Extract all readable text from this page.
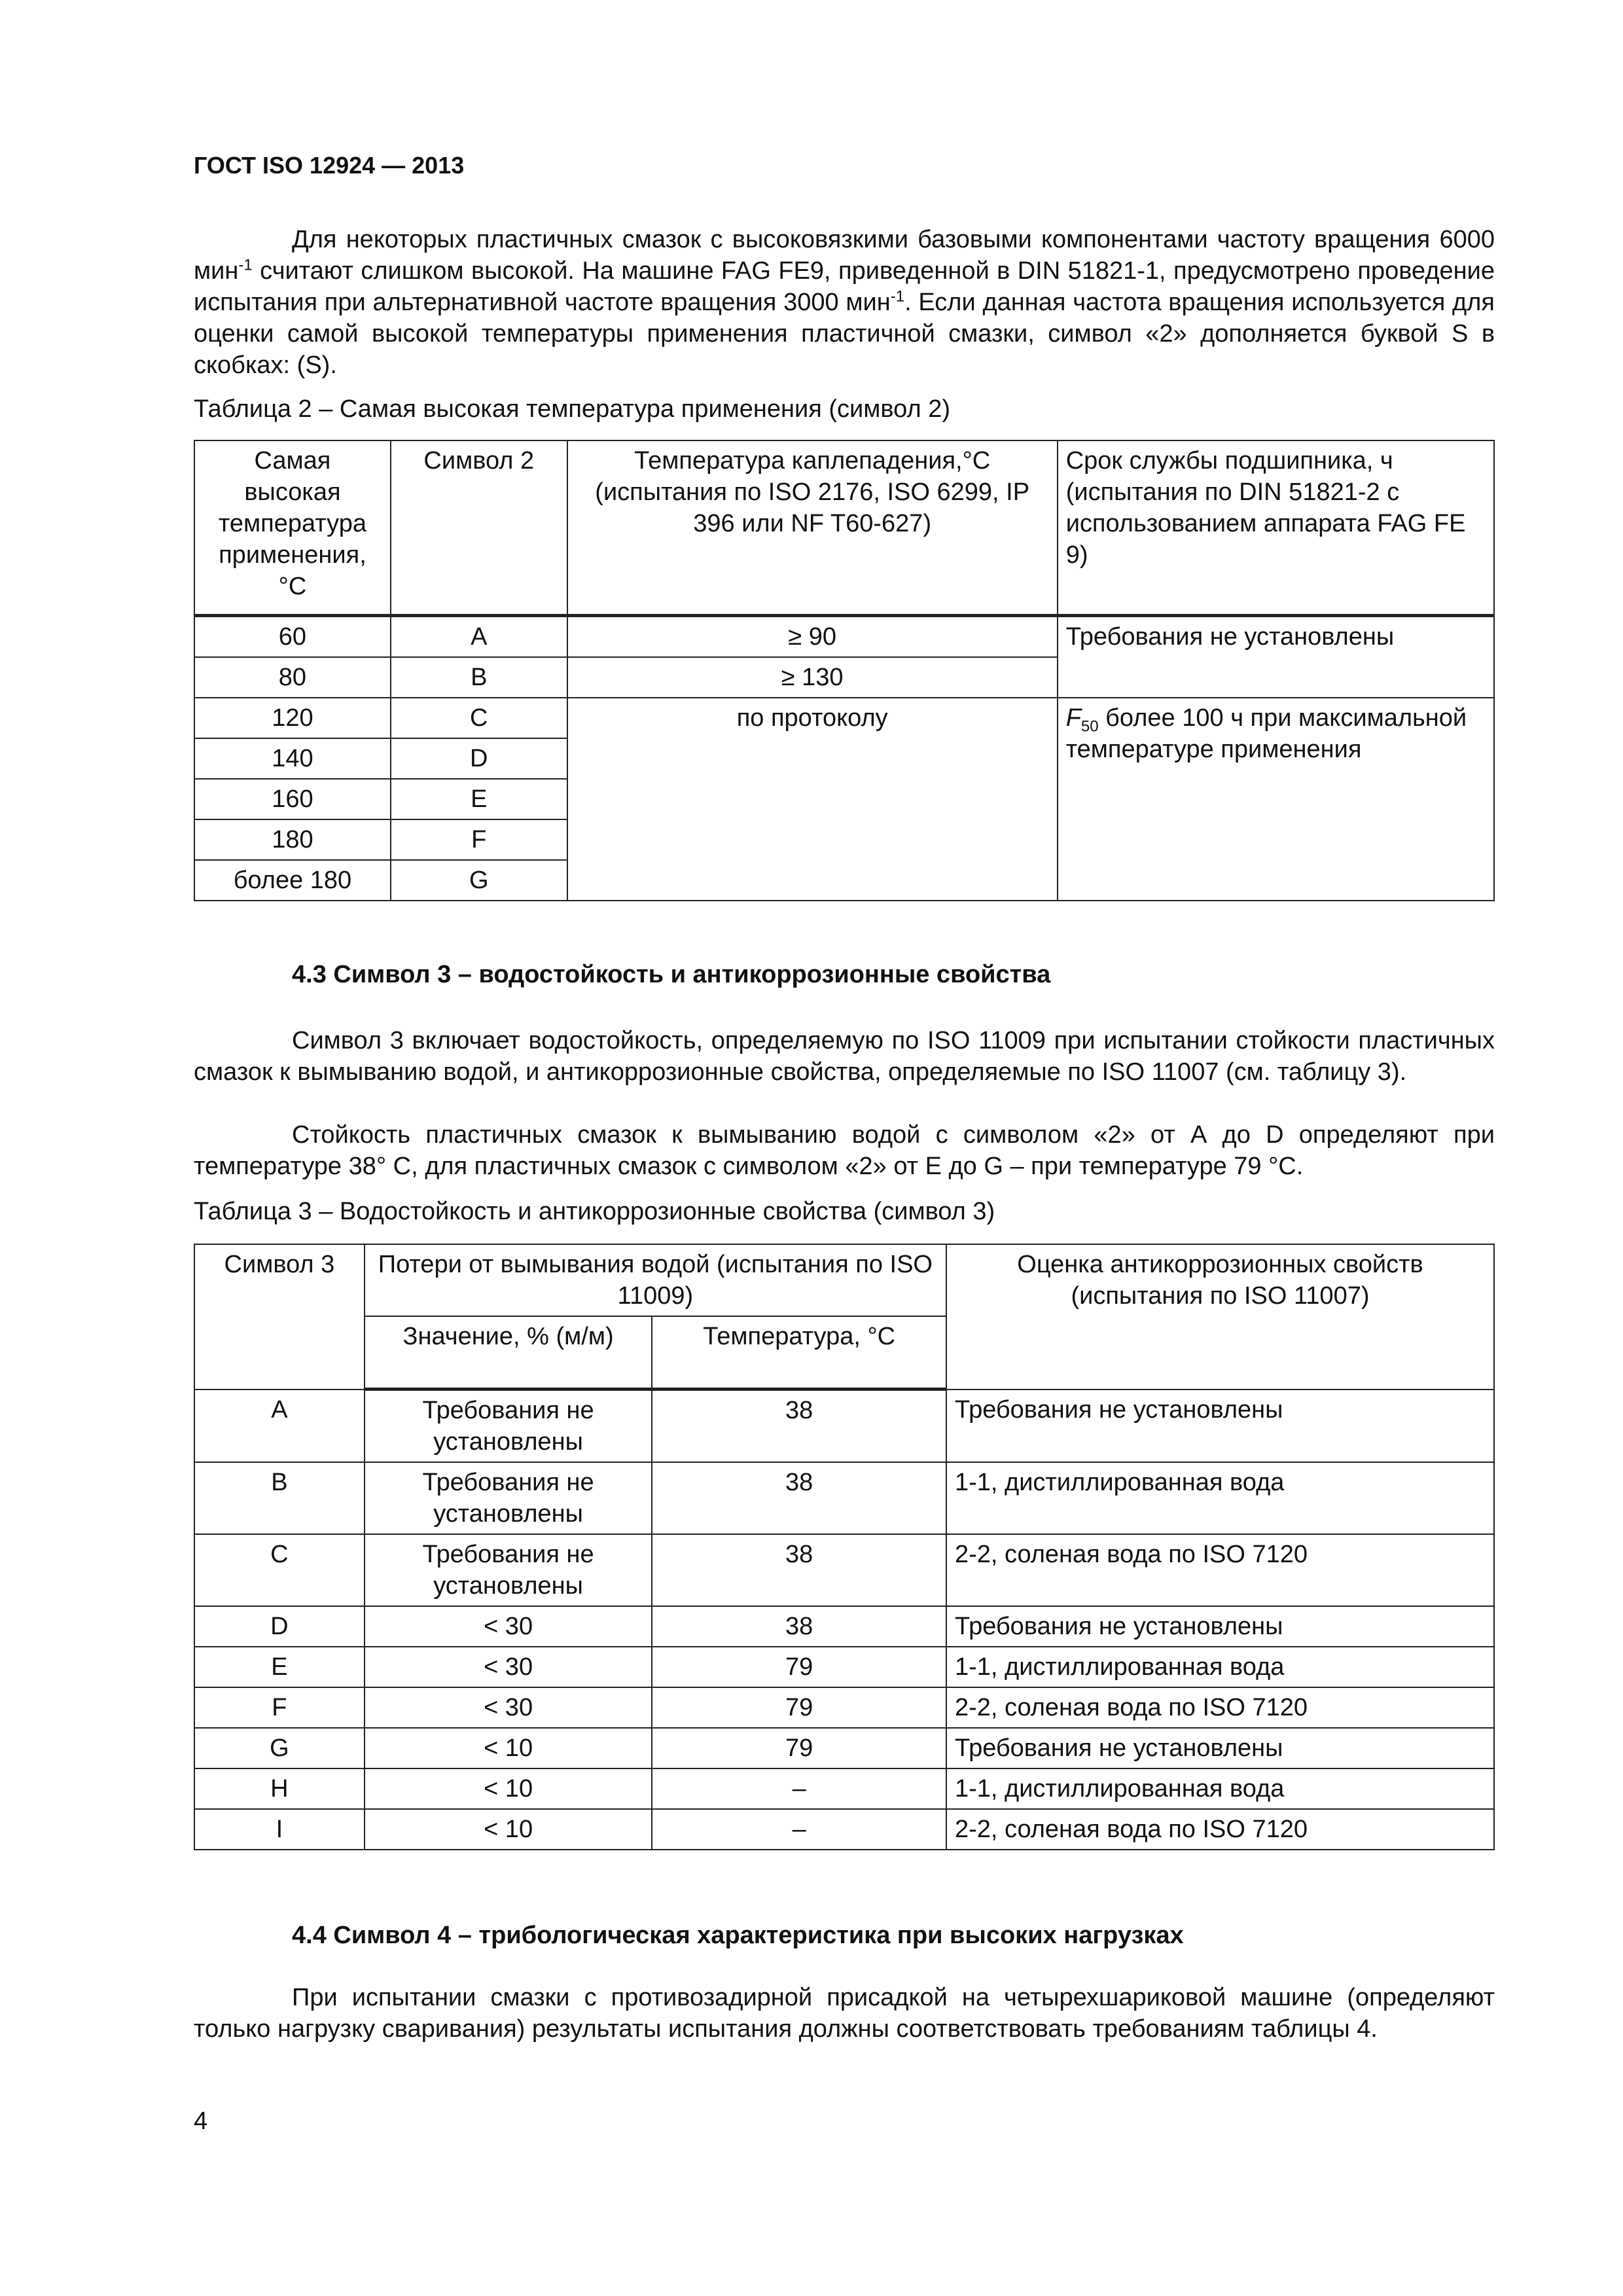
ГОСТ ISO 12924 — 2013
Для некоторых пластичных смазок с высоковязкими базовыми компонентами частоту вращения 6000 мин$^{-1}$ считают слишком высокой. На машине FAG FE9, приведенной в DIN 51821-1, предусмотрено проведение испытания при альтернативной частоте вращения 3000 мин$^{-1}$. Если данная частота вращения используется для оценки самой высокой температуры применения пластичной смазки, символ «2» дополняется буквой S в скобках: (S).
Таблица 2 – Самая высокая температура применения (символ 2)
Самая высокая температура применения, °С	Символ 2	Температура каплепадения,°С (испытания по ISO 2176, ISO 6299, IP 396 или NF T60-627)	Срок службы подшипника, ч (испытания по DIN 51821-2 с использованием аппарата FAG FE 9)
60	A	≥ 90	Требования не установлены
80	B	≥ 130	
120	C	по протоколу	$F_{50}$ более 100 ч при максимальной температуре применения
140	D		
160	E		
180	F		
более 180	G		
4.3 Символ 3 – водостойкость и антикоррозионные свойства
Символ 3 включает водостойкость, определяемую по ISO 11009 при испытании стойкости пластичных смазок к вымыванию водой, и антикоррозионные свойства, определяемые по ISO 11007 (см. таблицу 3).
Стойкость пластичных смазок к вымыванию водой с символом «2» от А до D определяют при температуре 38° С, для пластичных смазок с символом «2» от Е до G – при температуре 79 °С.
Таблица 3 – Водостойкость и антикоррозионные свойства (символ 3)
Символ 3	Потери от вымывания водой (испытания по ISO 11009)		Оценка антикоррозионных свойств (испытания по ISO 11007)
	Значение, % (м/м)	Температура, °С	
A	Требования не установлены	38	Требования не установлены
B	Требования не установлены	38	1-1, дистиллированная вода
C	Требования не установлены	38	2-2, соленая вода по ISO 7120
D	< 30	38	Требования не установлены
E	< 30	79	1-1, дистиллированная вода
F	< 30	79	2-2, соленая вода по ISO 7120
G	< 10	79	Требования не установлены
H	< 10	–	1-1, дистиллированная вода
I	< 10	–	2-2, соленая вода по ISO 7120
4.4 Символ 4 – трибологическая характеристика при высоких нагрузках
При испытании смазки с противозадирной присадкой на четырехшариковой машине (определяют только нагрузку сваривания) результаты испытания должны соответствовать требованиям таблицы 4.
4
